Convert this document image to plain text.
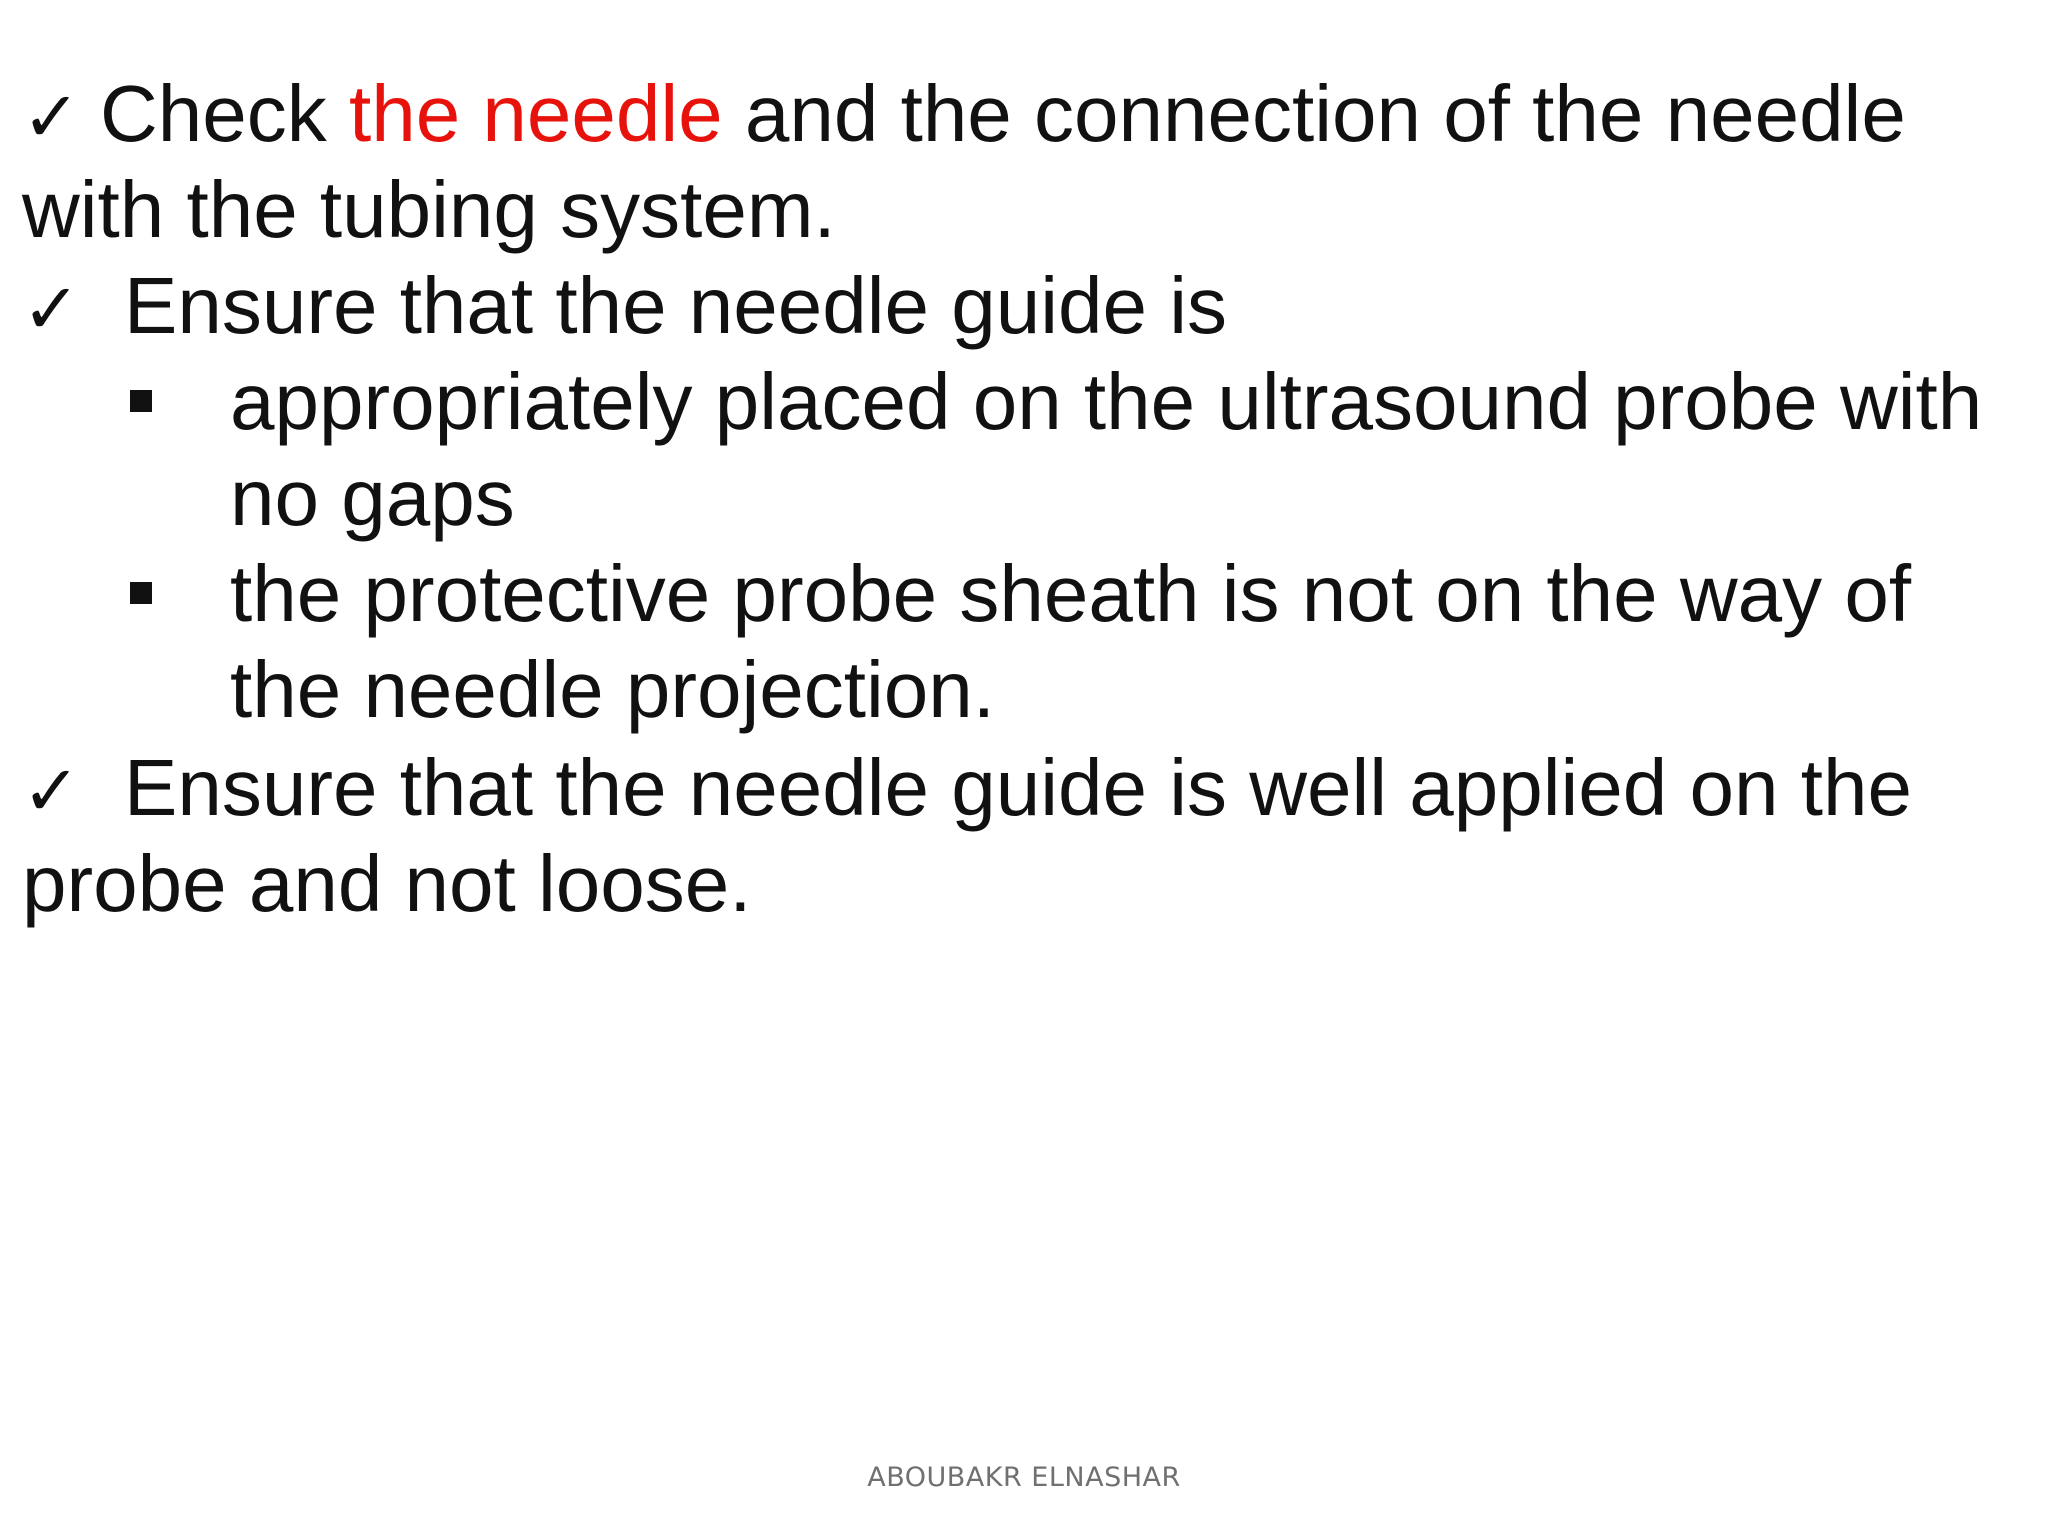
✓ Check the needle and the connection of the needle

with the tubing system.

✓ Ensure that the needle guide is

appropriately placed on the ultrasound probe with

no gaps

the protective probe sheath is not on the way of

the needle projection.

✓ Ensure that the needle guide is well applied on the

probe and not loose.

ABOUBAKR ELNASHAR
